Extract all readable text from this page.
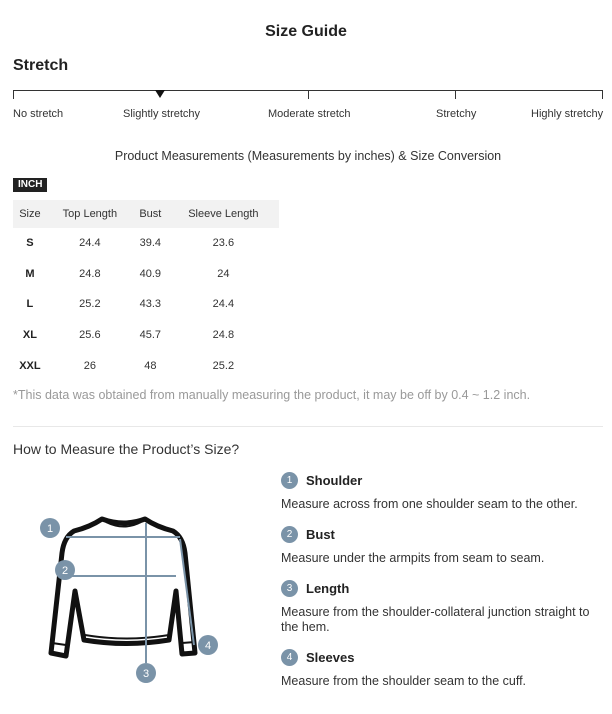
Size Guide
Stretch
No stretch	Slightly stretchy	Moderate stretch	Stretchy	Highly stretchy
Product Measurements (Measurements by inches) & Size Conversion
INCH
Size	Top Length	Bust	Sleeve Length
S	24.4	39.4	23.6
M	24.8	40.9	24
L	25.2	43.3	24.4
XL	25.6	45.7	24.8
XXL	26	48	25.2
*This data was obtained from manually measuring the product, it may be off by 0.4 ~ 1.2 inch.
How to Measure the Product’s Size?
1
2
3
4
1	Shoulder
Measure across from one shoulder seam to the other.
2	Bust
Measure under the armpits from seam to seam.
3	Length
Measure from the shoulder-collateral junction straight to the hem.
4	Sleeves
Measure from the shoulder seam to the cuff.
